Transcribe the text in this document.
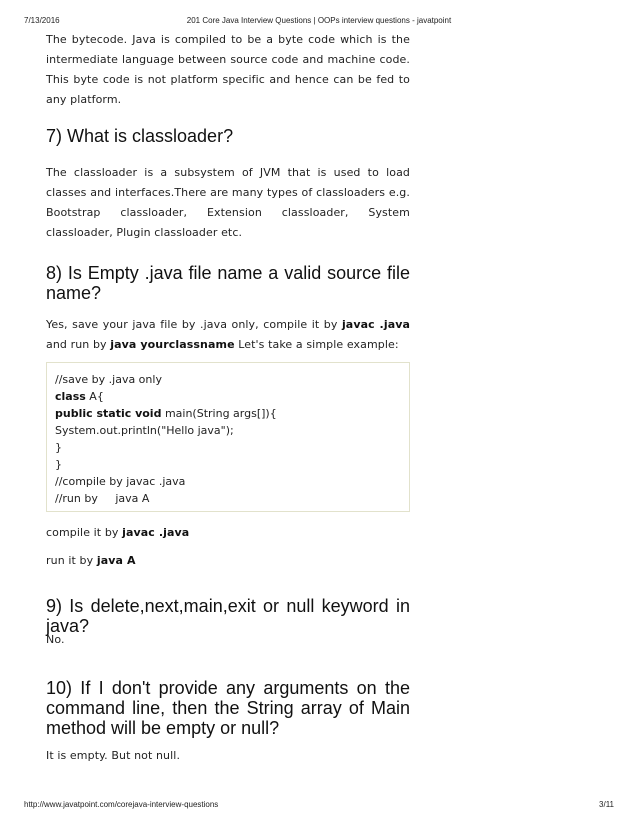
7/13/2016	201 Core Java Interview Questions | OOPs interview questions - javatpoint

The bytecode. Java is compiled to be a byte code which is the intermediate language between source code and machine code. This byte code is not platform specific and hence can be fed to any platform.

7) What is classloader?

The classloader is a subsystem of JVM that is used to load classes and interfaces.There are many types of classloaders e.g. Bootstrap classloader, Extension classloader, System classloader, Plugin classloader etc.

8) Is Empty .java file name a valid source file name?

Yes, save your java file by .java only, compile it by javac .java and run by java yourclassname Let's take a simple example:

//save by .java only
class A{
public static void main(String args[]){
System.out.println("Hello java");
}
}
//compile by javac .java
//run by     java A

compile it by javac .java

run it by java A

9) Is delete,next,main,exit or null keyword in java?

No.

10) If I don't provide any arguments on the command line, then the String array of Main method will be empty or null?

It is empty. But not null.

http://www.javatpoint.com/corejava-interview-questions	3/11
